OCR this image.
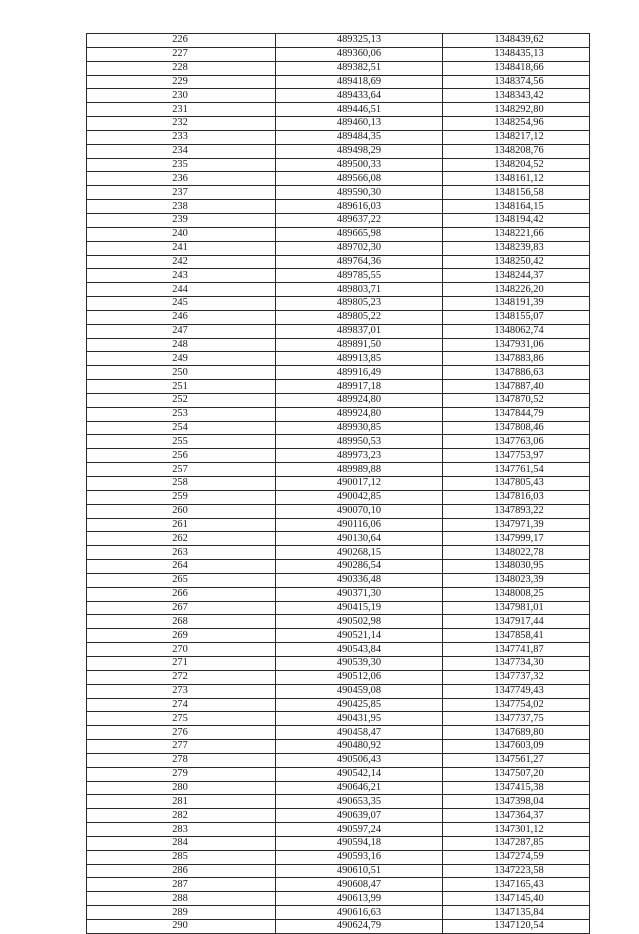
226	489325,13	1348439,62
227	489360,06	1348435,13
228	489382,51	1348418,66
229	489418,69	1348374,56
230	489433,64	1348343,42
231	489446,51	1348292,80
232	489460,13	1348254,96
233	489484,35	1348217,12
234	489498,29	1348208,76
235	489500,33	1348204,52
236	489566,08	1348161,12
237	489590,30	1348156,58
238	489616,03	1348164,15
239	489637,22	1348194,42
240	489665,98	1348221,66
241	489702,30	1348239,83
242	489764,36	1348250,42
243	489785,55	1348244,37
244	489803,71	1348226,20
245	489805,23	1348191,39
246	489805,22	1348155,07
247	489837,01	1348062,74
248	489891,50	1347931,06
249	489913,85	1347883,86
250	489916,49	1347886,63
251	489917,18	1347887,40
252	489924,80	1347870,52
253	489924,80	1347844,79
254	489930,85	1347808,46
255	489950,53	1347763,06
256	489973,23	1347753,97
257	489989,88	1347761,54
258	490017,12	1347805,43
259	490042,85	1347816,03
260	490070,10	1347893,22
261	490116,06	1347971,39
262	490130,64	1347999,17
263	490268,15	1348022,78
264	490286,54	1348030,95
265	490336,48	1348023,39
266	490371,30	1348008,25
267	490415,19	1347981,01
268	490502,98	1347917,44
269	490521,14	1347858,41
270	490543,84	1347741,87
271	490539,30	1347734,30
272	490512,06	1347737,32
273	490459,08	1347749,43
274	490425,85	1347754,02
275	490431,95	1347737,75
276	490458,47	1347689,80
277	490480,92	1347603,09
278	490506,43	1347561,27
279	490542,14	1347507,20
280	490646,21	1347415,38
281	490653,35	1347398,04
282	490639,07	1347364,37
283	490597,24	1347301,12
284	490594,18	1347287,85
285	490593,16	1347274,59
286	490610,51	1347223,58
287	490608,47	1347165,43
288	490613,99	1347145,40
289	490616,63	1347135,84
290	490624,79	1347120,54
